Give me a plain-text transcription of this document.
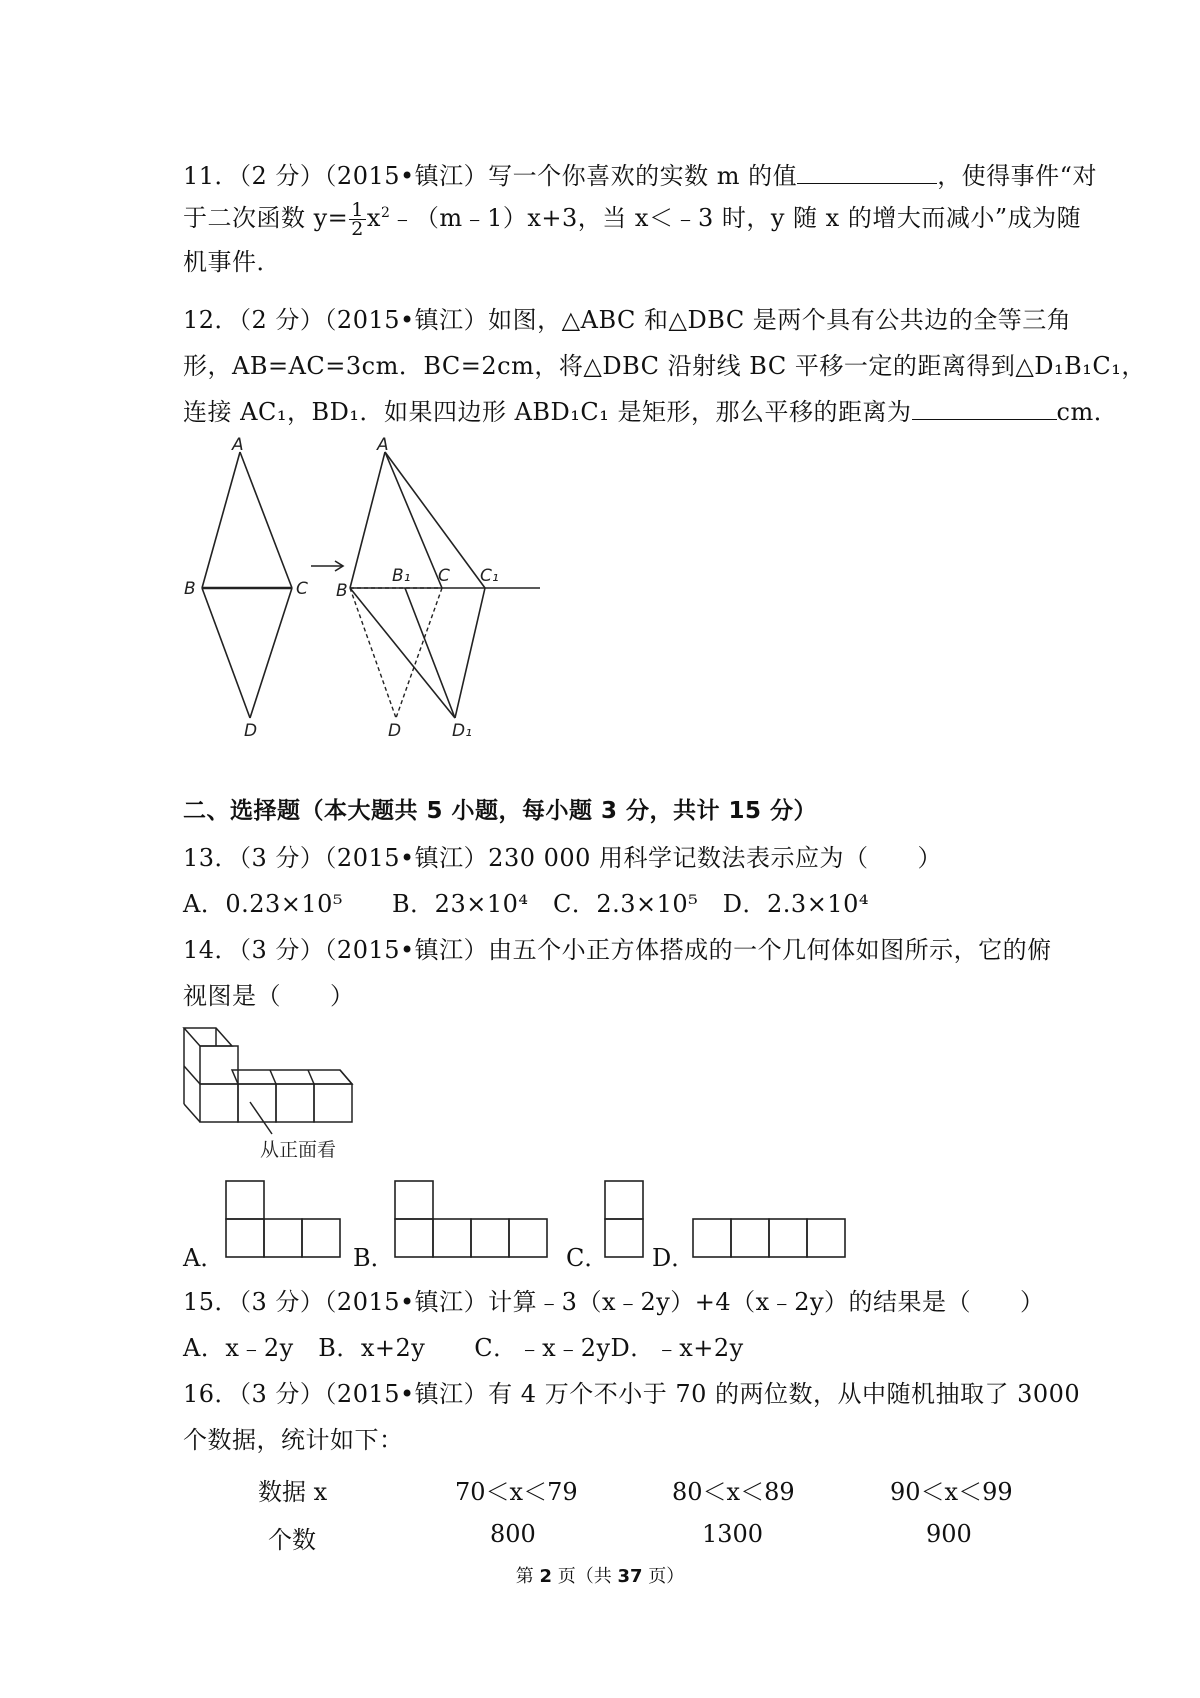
11．（2 分）（2015•镇江）写一个你喜欢的实数 m 的值	，使得事件“对
于二次函数 $y= \frac{1}{2}$ $x^2﹣(m﹣1)x+3$，当 x＜﹣3 时，y 随 x 的增大而减小”成为随
机事件．
12．（2 分）（2015•镇江）如图，△ABC 和△DBC 是两个具有公共边的全等三角
形，AB=AC=3cm．BC=2cm，将△DBC 沿射线 BC 平移一定的距离得到△D₁B₁C₁，
连接 AC₁，BD₁．如果四边形 ABD₁C₁ 是矩形，那么平移的距离为	cm．
A
B	C
D
A
B
B₁ C C₁
D	D₁
二、选择题（本大题共 5 小题，每小题 3 分，共计 15 分）
13．（3 分）（2015•镇江）230 000 用科学记数法表示应为（　　）
A．0.23×10⁵　　B．23×10⁴　C．2.3×10⁵　D．2.3×10⁴
14．（3 分）（2015•镇江）由五个小正方体搭成的一个几何体如图所示，它的俯
视图是（　　）
从正面看
A．	B．	C． D．
15．（3 分）（2015•镇江）计算﹣3（x﹣2y）+4（x﹣2y）的结果是（　　）
A．x﹣2y　B．x+2y　　C．﹣x﹣2yD．﹣x+2y
16．（3 分）（2015•镇江）有 4 万个不小于 70 的两位数，从中随机抽取了 3000
个数据，统计如下：
数据 x	70＜x＜79	80＜x＜89	90＜x＜99
个数	800	1300	900
第 2 页（共 37 页）
